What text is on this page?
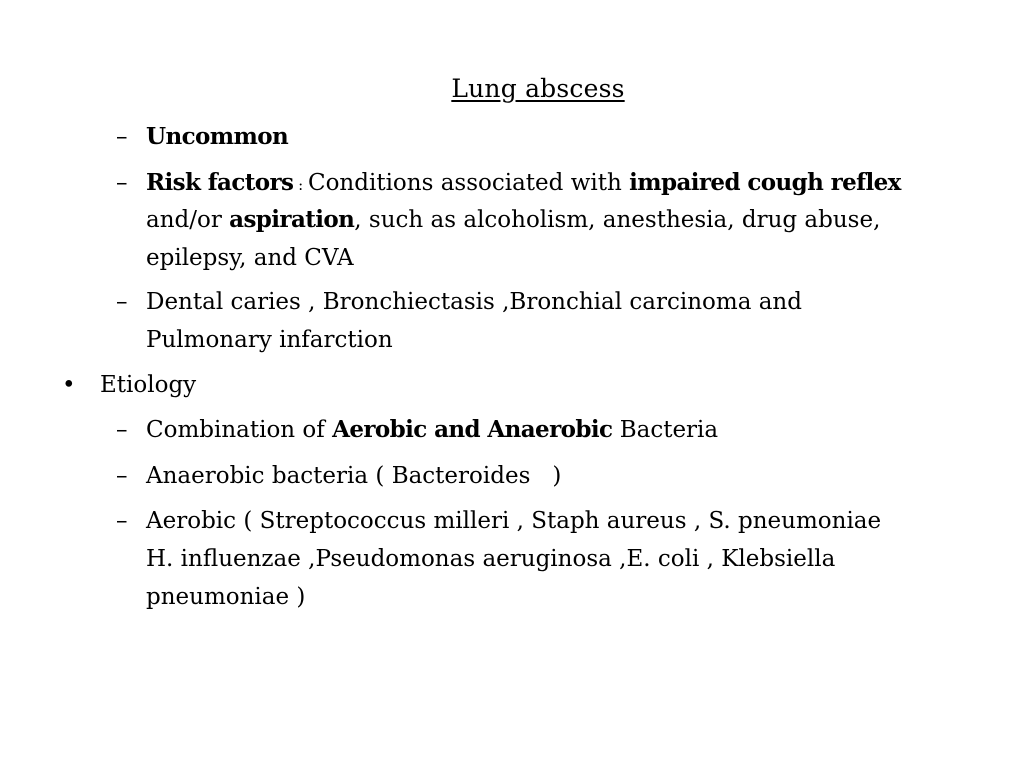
Lung abscess
– Uncommon
– Risk factors : Conditions associated with impaired cough reflex
and/or aspiration, such as alcoholism, anesthesia, drug abuse,
epilepsy, and CVA
– Dental caries , Bronchiectasis ,Bronchial carcinoma and
Pulmonary infarction
• Etiology
– Combination of Aerobic and Anaerobic Bacteria
– Anaerobic bacteria ( Bacteroides )
– Aerobic ( Streptococcus milleri , Staph aureus , S. pneumoniae
H. influenzae ,Pseudomonas aeruginosa ,E. coli , Klebsiella
pneumoniae )
